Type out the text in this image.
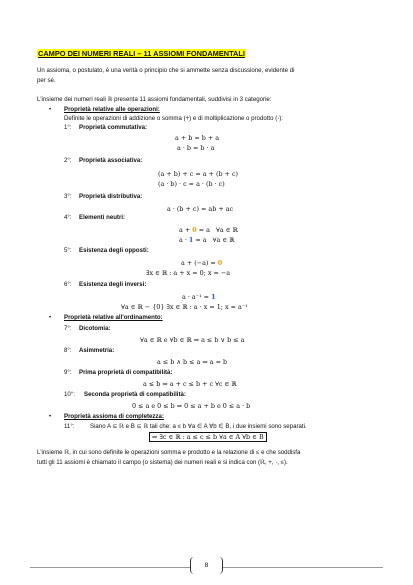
CAMPO DEI NUMERI REALI – 11 ASSIOMI FONDAMENTALI
Un assioma, o postulato, è una verità o principio che si ammette senza discussione, evidente di
per sé.
L'insieme dei numeri reali ℝ presenta 11 assiomi fondamentali, suddivisi in 3 categorie:
• Proprietà relative alle operazioni:
Definite le operazioni di addizione o somma (+) e di moltiplicazione o prodotto (·):
1°: Proprietà commutativa:
a + b = b + a
a · b = b · a
2°: Proprietà associativa:
(a + b) + c = a + (b + c)
(a · b) · c = a · (b · c)
3°: Proprietà distributiva:
a · (b + c) = ab + ac
4°: Elementi neutri:
a + 0 = a   ∀a ∈ ℝ
a · 1 = a   ∀a ∈ ℝ
5°: Esistenza degli opposti:
a + (−a) = 0
∃x ∈ ℝ : a + x = 0; x = −a
6°: Esistenza degli inversi:
a · a⁻¹ = 1
∀a ∈ ℝ − {0} ∃x ∈ ℝ : a · x = 1; x = a⁻¹
• Proprietà relative all'ordinamento:
7°: Dicotomia:
∀a ∈ ℝ e ∀b ∈ ℝ ⇒ a ≤ b ∨ b ≤ a
8°: Asimmetria:
a ≤ b ∧ b ≤ a ⇒ a = b
9°: Prima proprietà di compatibilità:
a ≤ b ⇒ a + c ≤ b + c ∀c ∈ ℝ
10°: Seconda proprietà di compatibilità:
0 ≤ a e 0 ≤ b ⇒ 0 ≤ a + b e 0 ≤ a · b
• Proprietà assioma di completezza:
11°:	Siano A ⊆ ℝ e B ⊆ ℝ tali che: a ≤ b ∀a ∈ A ∀b ∈ B, i due insiemi sono separati.
⇒ ∃c ∈ ℝ : a ≤ c ≤ b ∀a ∈ A ∀b ∈ B
L'insieme ℝ, in cui sono definite le operazioni somma e prodotto e la relazione di ≤ e che soddisfa
tutti gli 11 assiomi è chiamato il campo (o sistema) dei numeri reali e si indica con (ℝ, +, ·, ≤).
8
